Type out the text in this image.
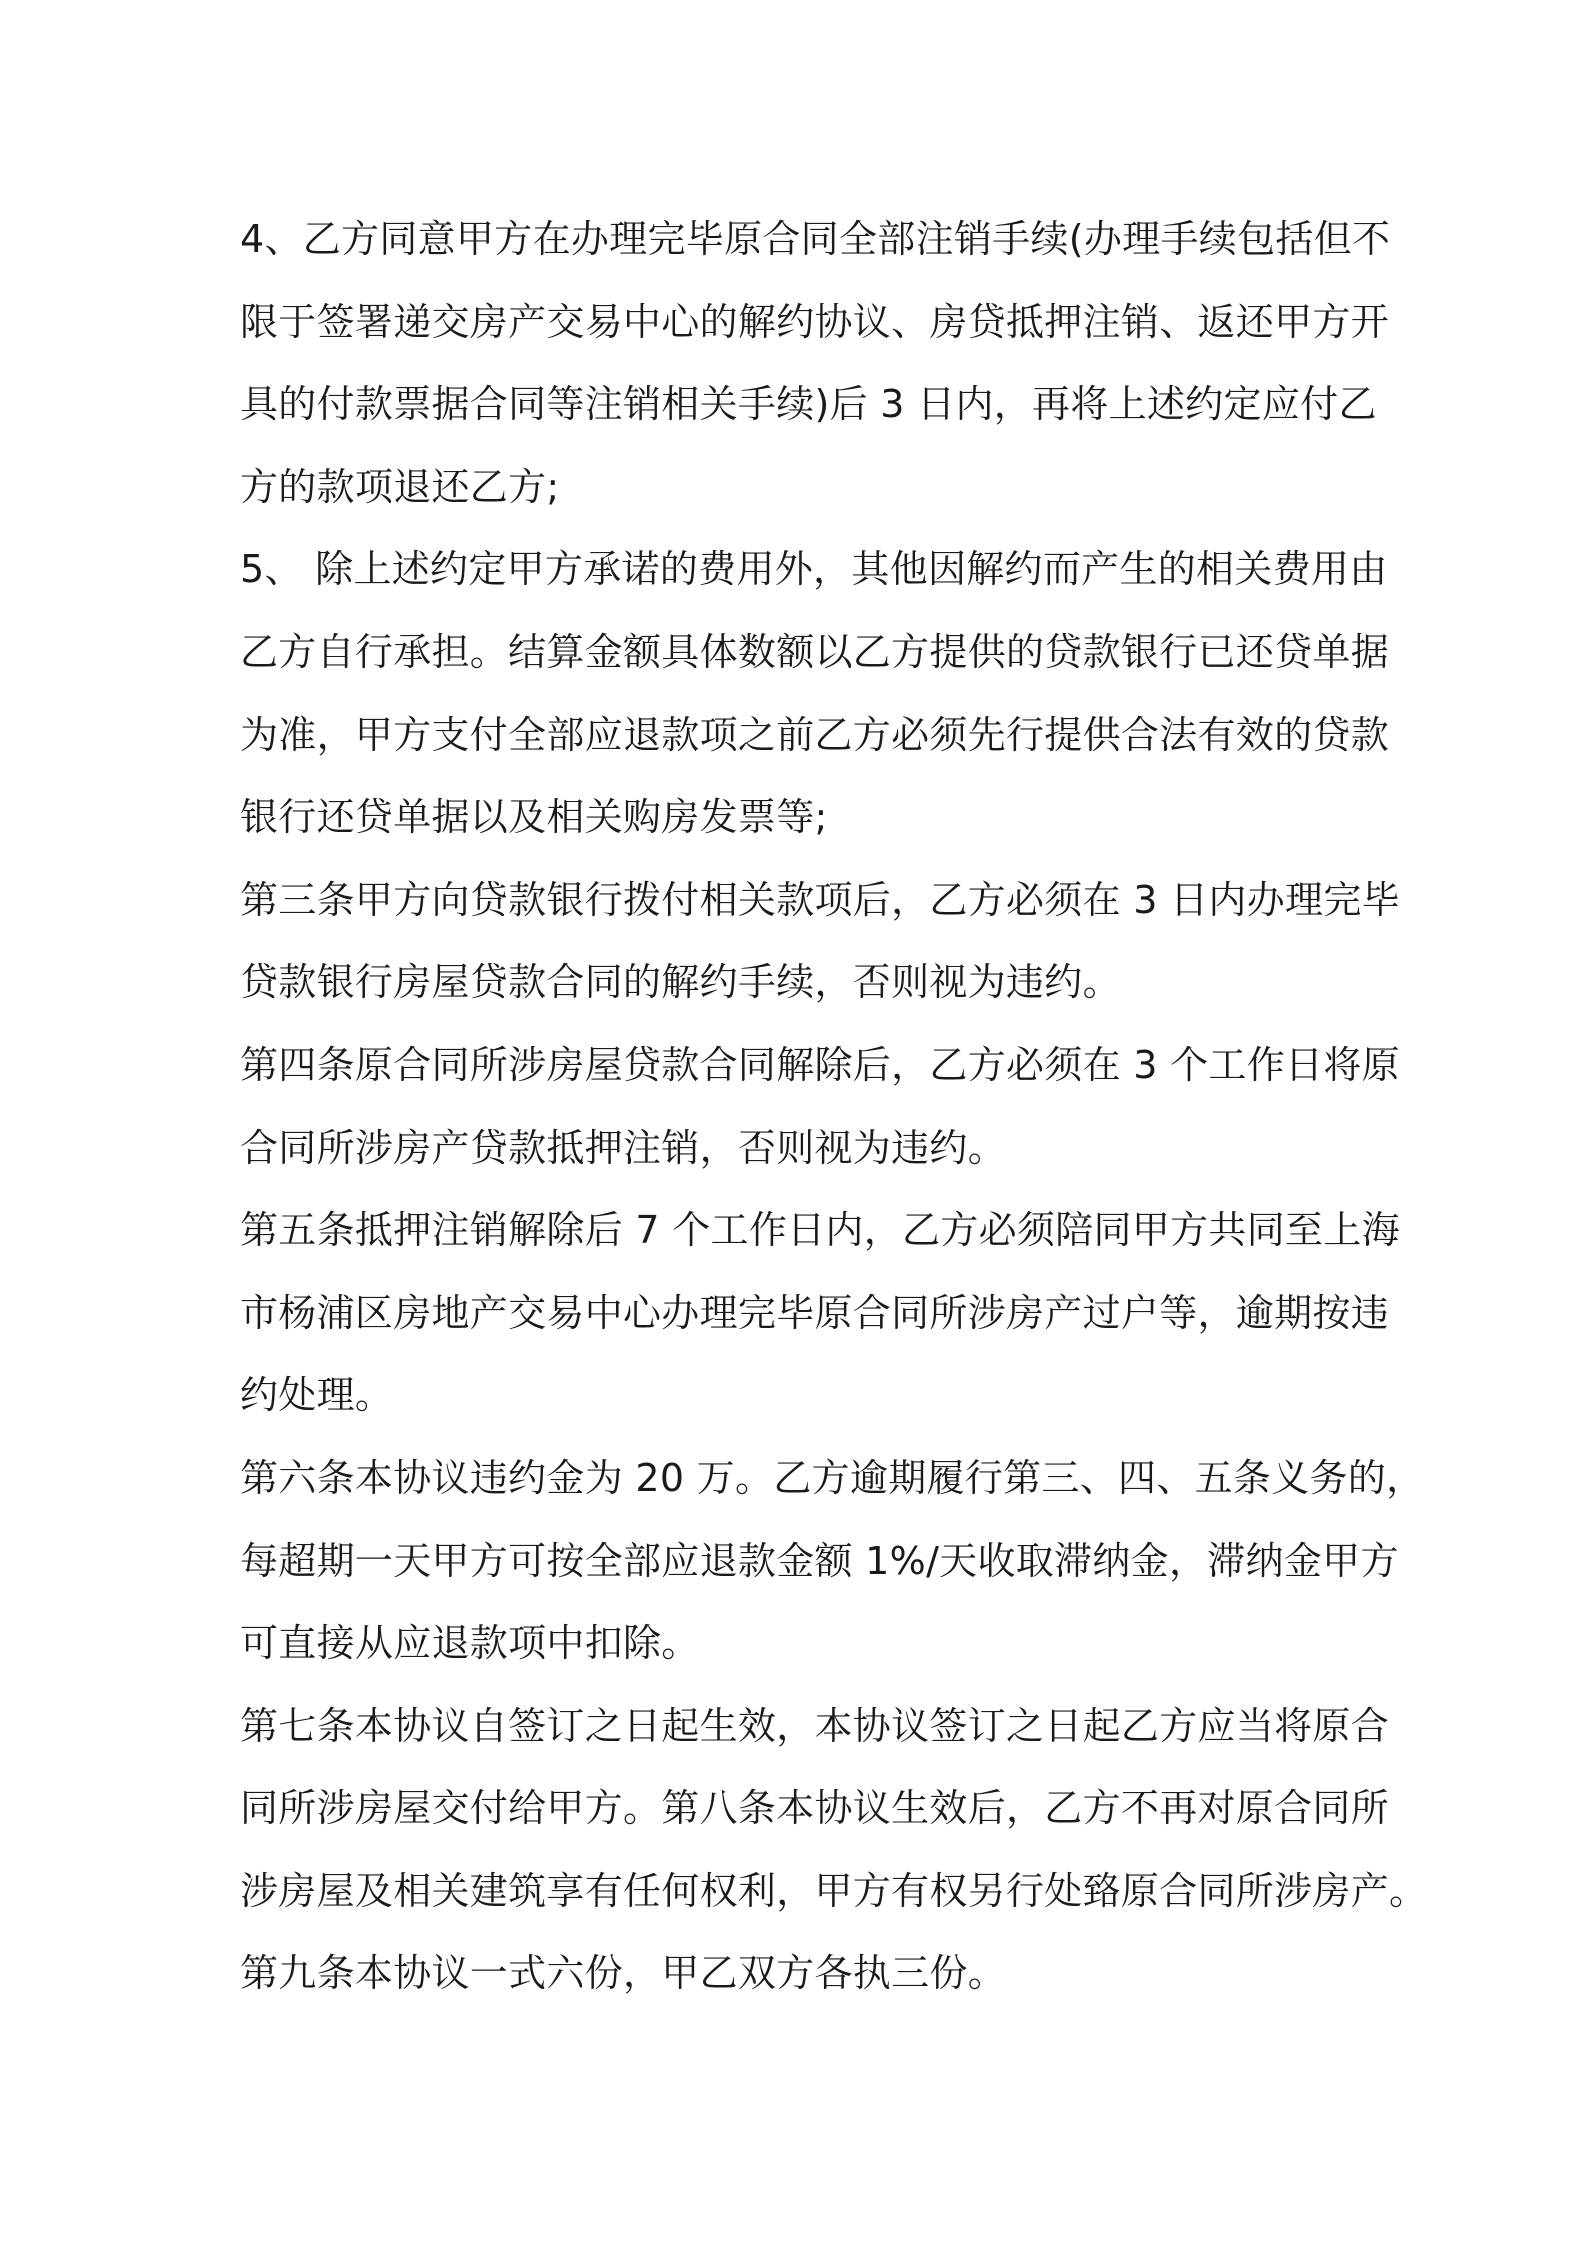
4、乙方同意甲方在办理完毕原合同全部注销手续(办理手续包括但不
限于签署递交房产交易中心的解约协议、房贷抵押注销、返还甲方开
具的付款票据合同等注销相关手续)后 3 日内，再将上述约定应付乙
方的款项退还乙方;
5、 除上述约定甲方承诺的费用外，其他因解约而产生的相关费用由
乙方自行承担。结算金额具体数额以乙方提供的贷款银行已还贷单据
为准，甲方支付全部应退款项之前乙方必须先行提供合法有效的贷款
银行还贷单据以及相关购房发票等;
第三条甲方向贷款银行拨付相关款项后，乙方必须在 3 日内办理完毕
贷款银行房屋贷款合同的解约手续，否则视为违约。
第四条原合同所涉房屋贷款合同解除后，乙方必须在 3 个工作日将原
合同所涉房产贷款抵押注销，否则视为违约。
第五条抵押注销解除后 7 个工作日内，乙方必须陪同甲方共同至上海
市杨浦区房地产交易中心办理完毕原合同所涉房产过户等，逾期按违
约处理。
第六条本协议违约金为 20 万。乙方逾期履行第三、四、五条义务的，
每超期一天甲方可按全部应退款金额 1%/天收取滞纳金，滞纳金甲方
可直接从应退款项中扣除。
第七条本协议自签订之日起生效，本协议签订之日起乙方应当将原合
同所涉房屋交付给甲方。第八条本协议生效后，乙方不再对原合同所
涉房屋及相关建筑享有任何权利，甲方有权另行处臵原合同所涉房产。
第九条本协议一式六份，甲乙双方各执三份。
